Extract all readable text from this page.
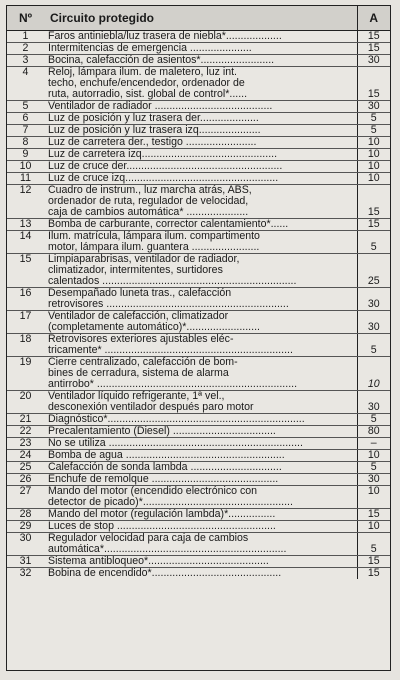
Nº	Circuito protegido	A
1	Faros antiniebla/luz trasera de niebla*...................	15
2	Intermitencias de emergencia .....................	15
3	Bocina, calefacción de asientos*.........................	30
4	Reloj, lámpara ilum. de maletero, luz int.
techo, enchufe/encendedor, ordenador de
ruta, autorradio, sist. global de control*......	15
5	Ventilador de radiador ........................................	30
6	Luz de posición y luz trasera der....................	5
7	Luz de posición y luz trasera izq.....................	5
8	Luz de carretera der., testigo ........................	10
9	Luz de carretera izq..............................................	10
10	Luz de cruce der.....................................................	10
11	Luz de cruce izq....................................................	10
12	Cuadro de instrum., luz marcha atrás, ABS,
ordenador de ruta, regulador de velocidad,
caja de cambios automática* .....................	15
13	Bomba de carburante, corrector calentamiento*......	15
14	Ilum. matrícula, lámpara ilum. compartimento
motor, lámpara ilum. guantera .......................	5
15	Limpiaparabrisas, ventilador de radiador,
climatizador, intermitentes, surtidores
calentados ..................................................................	25
16	Desempañado luneta tras., calefacción
retrovisores ..............................................................	30
17	Ventilador de calefacción, climatizador
(completamente automático)*.........................	30
18	Retrovisores exteriores ajustables eléc-
tricamente* ................................................................	5
19	Cierre centralizado, calefacción de bom-
bines de cerradura, sistema de alarma
antirrobo* ....................................................................	10
20	Ventilador líquido refrigerante, 1ª vel.,
desconexión ventilador después paro motor	30
21	Diagnóstico*...................................................................	5
22	Precalentamiento (Diesel) ...................................	80
23	No se utiliza ..................................................................	–
24	Bomba de agua ......................................................	10
25	Calefacción de sonda lambda ...............................	5
26	Enchufe de remolque ...........................................	30
27	Mando del motor (encendido electrónico con
detector de picado)*...................................................	10
28	Mando del motor (regulación lambda)*................	15
29	Luces de stop ......................................................	10
30	Regulador velocidad para caja de cambios
automática*..............................................................	5
31	Sistema antibloqueo*.........................................	15
32	Bobina de encendido*............................................	15
